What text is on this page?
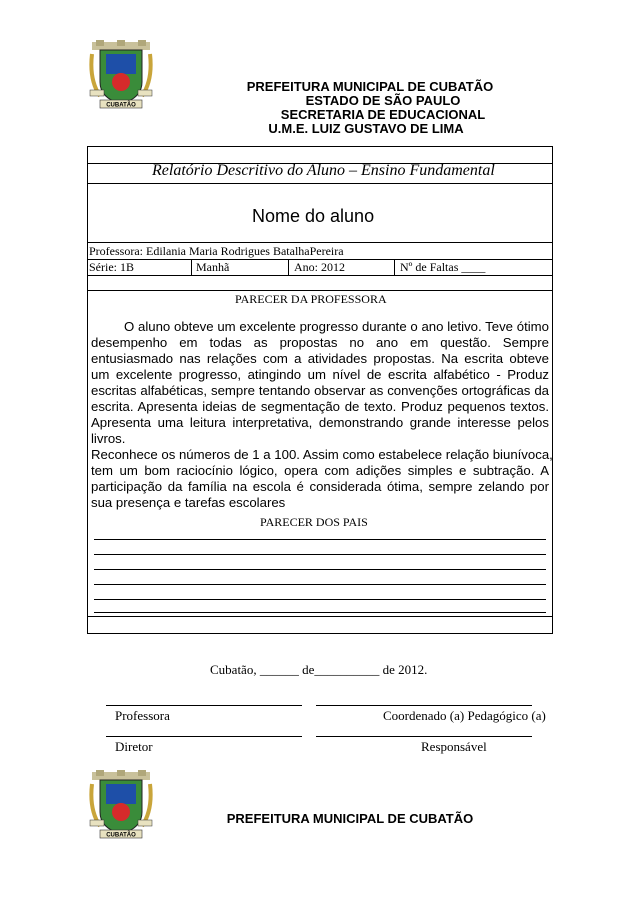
CUBATÃO
PREFEITURA MUNICIPAL DE CUBATÃO
ESTADO DE SÃO PAULO
SECRETARIA DE EDUCACIONAL
U.M.E. LUIZ GUSTAVO DE LIMA
Relatório Descritivo do Aluno – Ensino Fundamental
Nome do aluno
Professora: Edilania Maria Rodrigues BatalhaPereira
Série: 1B	Manhã	Ano: 2012	Nº de Faltas ____
PARECER DA PROFESSORA
O aluno obteve um excelente progresso durante o ano letivo. Teve ótimo
desempenho em todas as propostas no ano em questão. Sempre
entusiasmado nas relações com a atividades propostas. Na escrita obteve
um excelente progresso, atingindo um nível de escrita alfabético - Produz
escritas alfabéticas, sempre tentando observar as convenções ortográficas da
escrita. Apresenta ideias de segmentação de texto. Produz pequenos textos.
Apresenta uma leitura interpretativa, demonstrando grande interesse pelos
livros.
Reconhece os números de 1 a 100. Assim como estabelece relação biunívoca,
tem um bom raciocínio lógico, opera com adições simples e subtração. A
participação da família na escola é considerada ótima, sempre zelando por
sua presença e tarefas escolares
PARECER DOS PAIS
Cubatão, ______ de__________ de 2012.
Professora	Coordenado (a) Pedagógico (a)
Diretor	Responsável
CUBATÃO
PREFEITURA MUNICIPAL DE CUBATÃO
